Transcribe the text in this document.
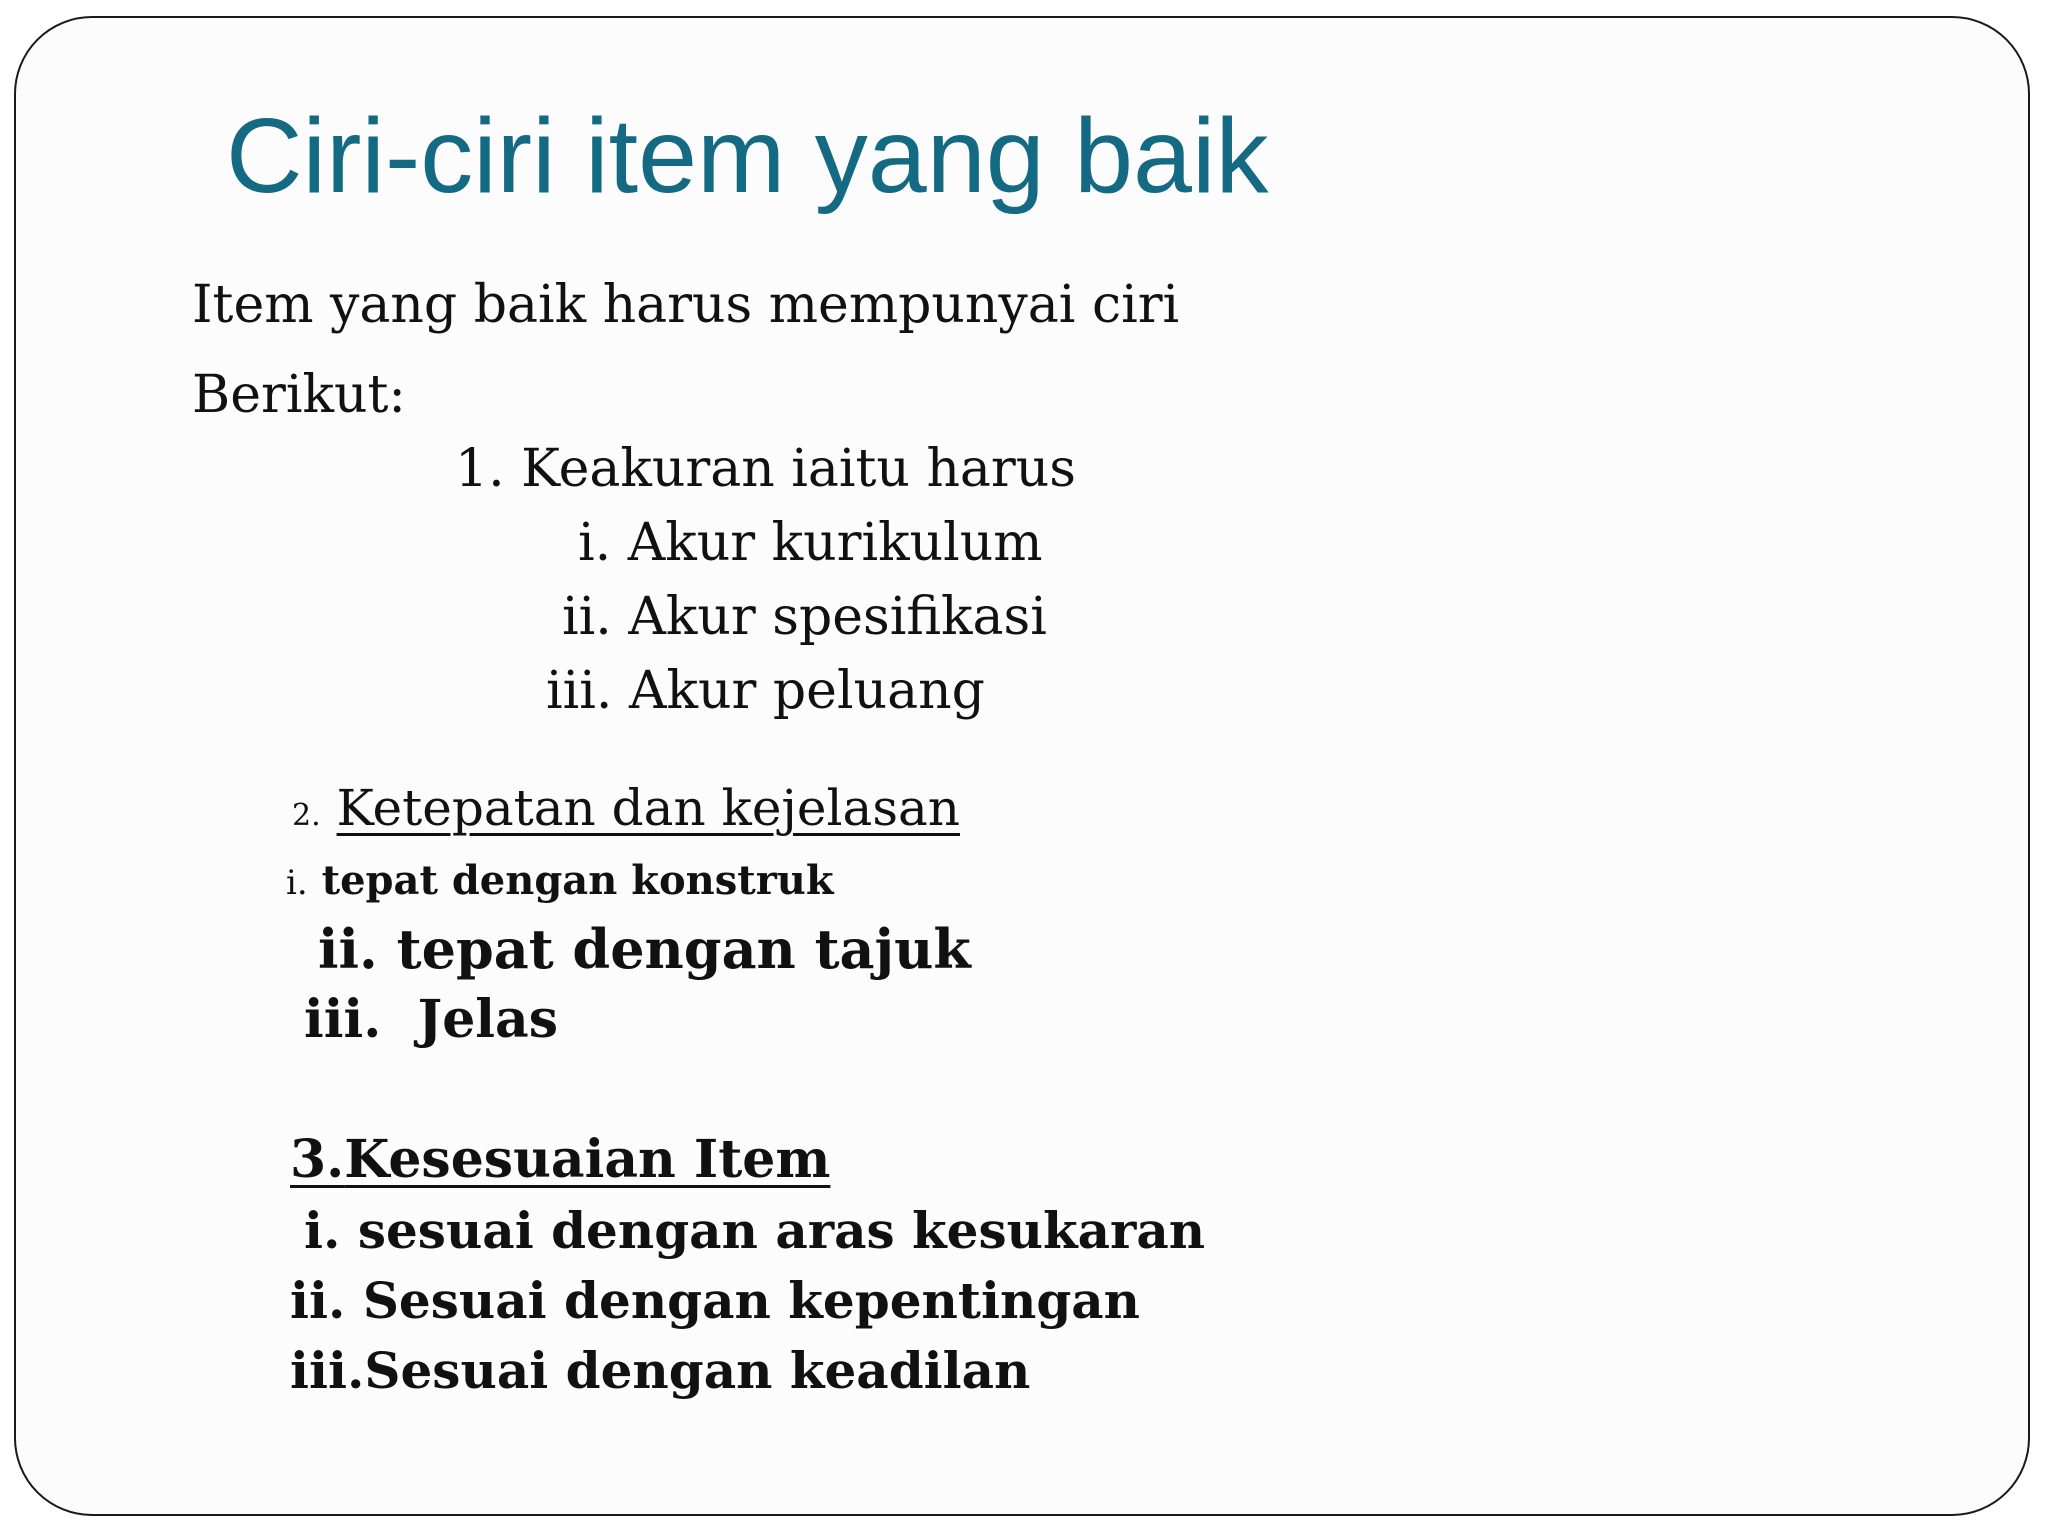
Ciri-ciri item yang baik

Item yang baik harus mempunyai ciri

Berikut:

1. Keakuran iaitu harus

i. Akur kurikulum

ii. Akur spesifikasi

iii. Akur peluang

2. Ketepatan dan kejelasan

i. tepat dengan konstruk

ii. tepat dengan tajuk

iii. Jelas

3.Kesesuaian Item

i. sesuai dengan aras kesukaran

ii. Sesuai dengan kepentingan

iii.Sesuai dengan keadilan
